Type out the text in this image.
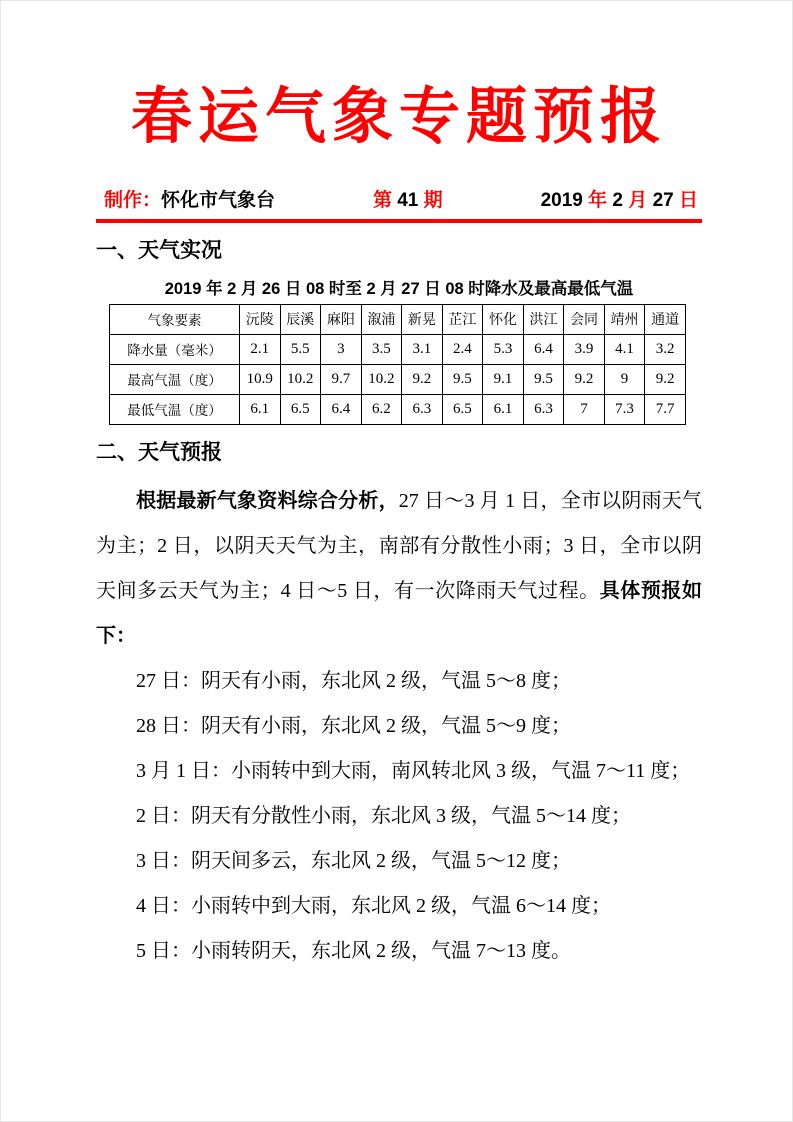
春运气象专题预报
制作：怀化市气象台	第 41 期	2019 年 2 月 27 日
一、天气实况
2019 年 2 月 26 日 08 时至 2 月 27 日 08 时降水及最高最低气温
气象要素	沅陵	辰溪	麻阳	溆浦	新晃	芷江	怀化	洪江	会同	靖州	通道
降水量（毫米）	2.1	5.5	3	3.5	3.1	2.4	5.3	6.4	3.9	4.1	3.2
最高气温（度）	10.9	10.2	9.7	10.2	9.2	9.5	9.1	9.5	9.2	9	9.2
最低气温（度）	6.1	6.5	6.4	6.2	6.3	6.5	6.1	6.3	7	7.3	7.7
二、天气预报

根据最新气象资料综合分析，27 日～3 月 1 日，全市以阴雨天气为主；2 日，以阴天天气为主，南部有分散性小雨；3 日，全市以阴天间多云天气为主；4 日～5 日，有一次降雨天气过程。具体预报如下：

27 日：阴天有小雨，东北风 2 级，气温 5～8 度；

28 日：阴天有小雨，东北风 2 级，气温 5～9 度；

3 月 1 日：小雨转中到大雨，南风转北风 3 级，气温 7～11 度；

2 日：阴天有分散性小雨，东北风 3 级，气温 5～14 度；

3 日：阴天间多云，东北风 2 级，气温 5～12 度；

4 日：小雨转中到大雨，东北风 2 级，气温 6～14 度；

5 日：小雨转阴天，东北风 2 级，气温 7～13 度。
